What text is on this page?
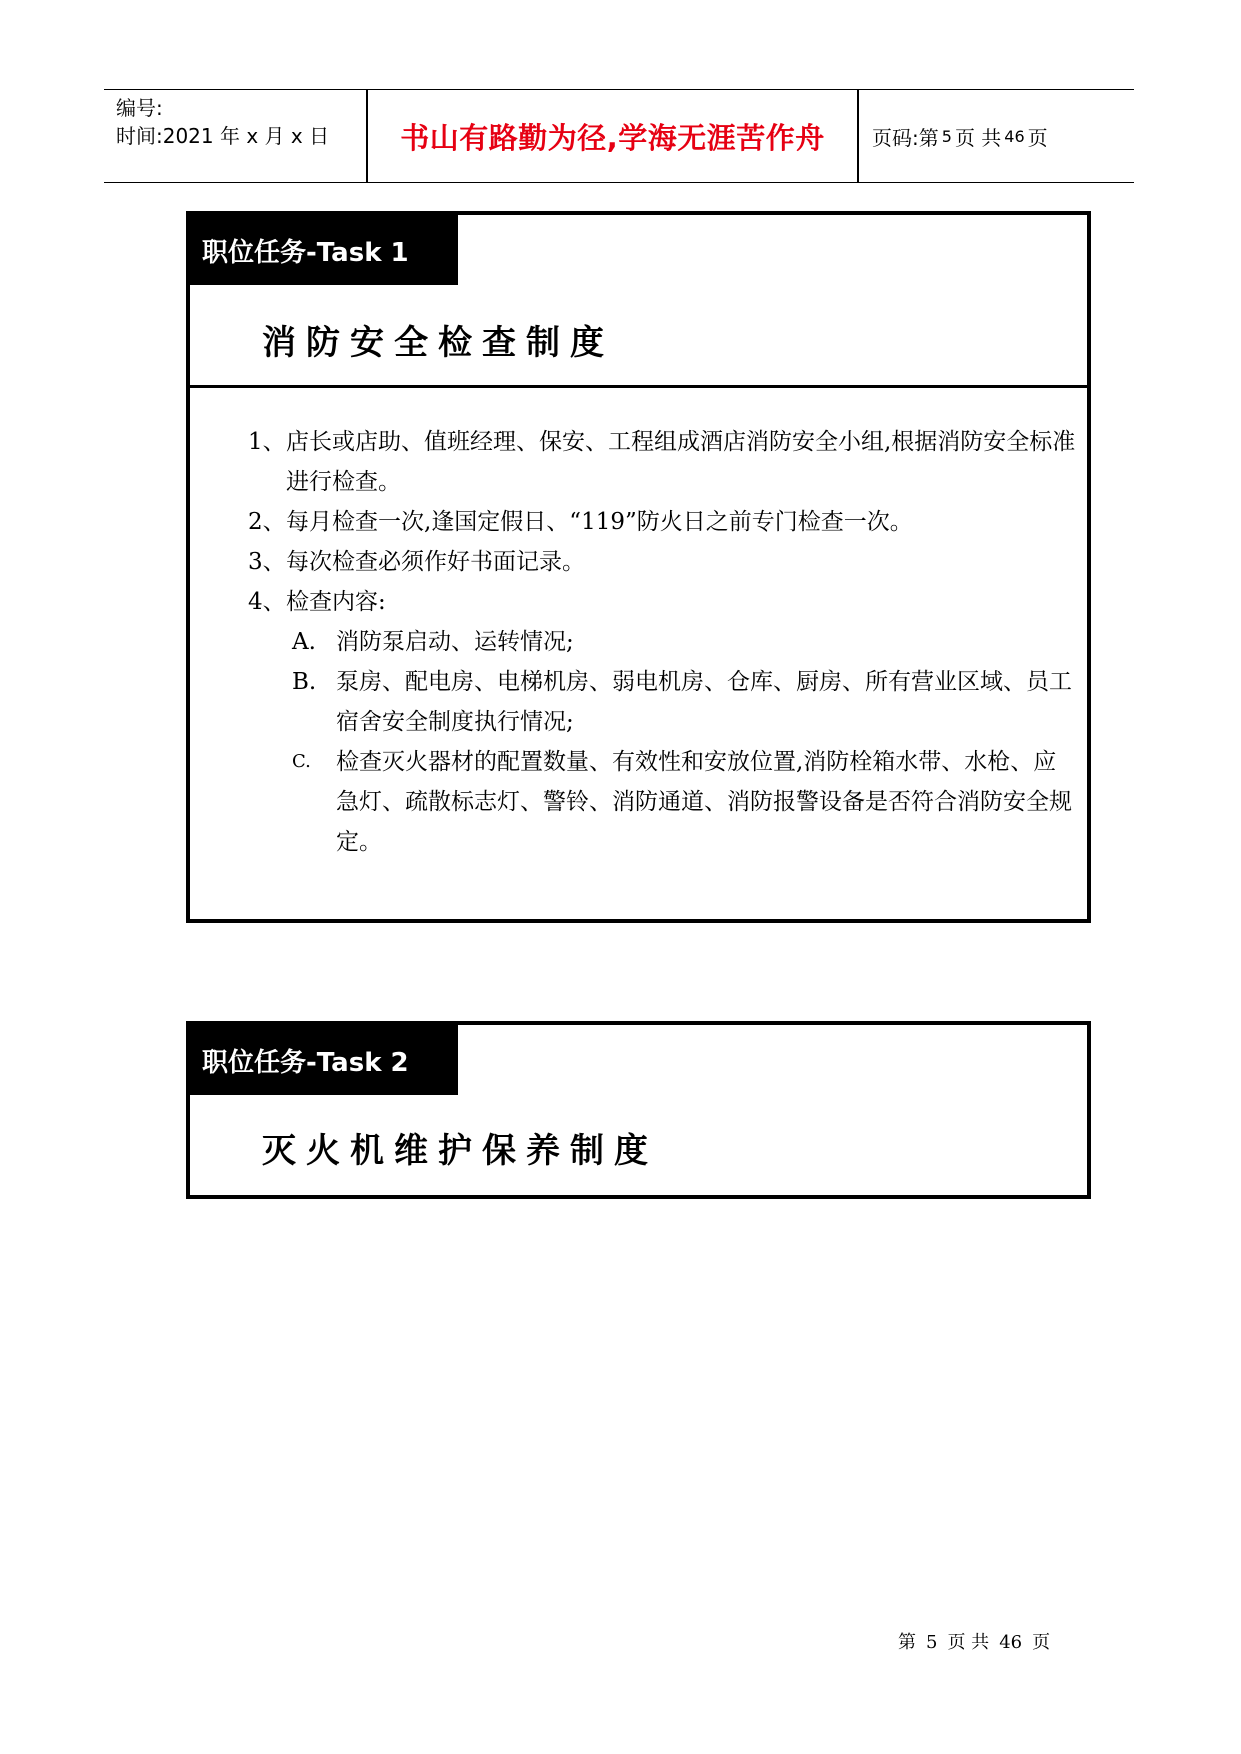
编号:
时间:2021 年 x 月 x 日	书山有路勤为径,学海无涯苦作舟	页码:第 5 页 共 46 页
职位任务-Task 1
消防安全检查制度
1、 店长或店助、值班经理、保安、工程组成酒店消防安全小组,根据消防安全标准进行检查。
2、 每月检查一次,逢国定假日、“119”防火日之前专门检查一次。
3、 每次检查必须作好书面记录。
4、 检查内容:
A. 消防泵启动、运转情况;
B. 泵房、配电房、电梯机房、弱电机房、仓库、厨房、所有营业区域、员工宿舍安全制度执行情况;
C. 检查灭火器材的配置数量、有效性和安放位置,消防栓箱水带、水枪、应急灯、疏散标志灯、警铃、消防通道、消防报警设备是否符合消防安全规定。
职位任务-Task 2
灭火机维护保养制度
第 5 页 共 46 页
